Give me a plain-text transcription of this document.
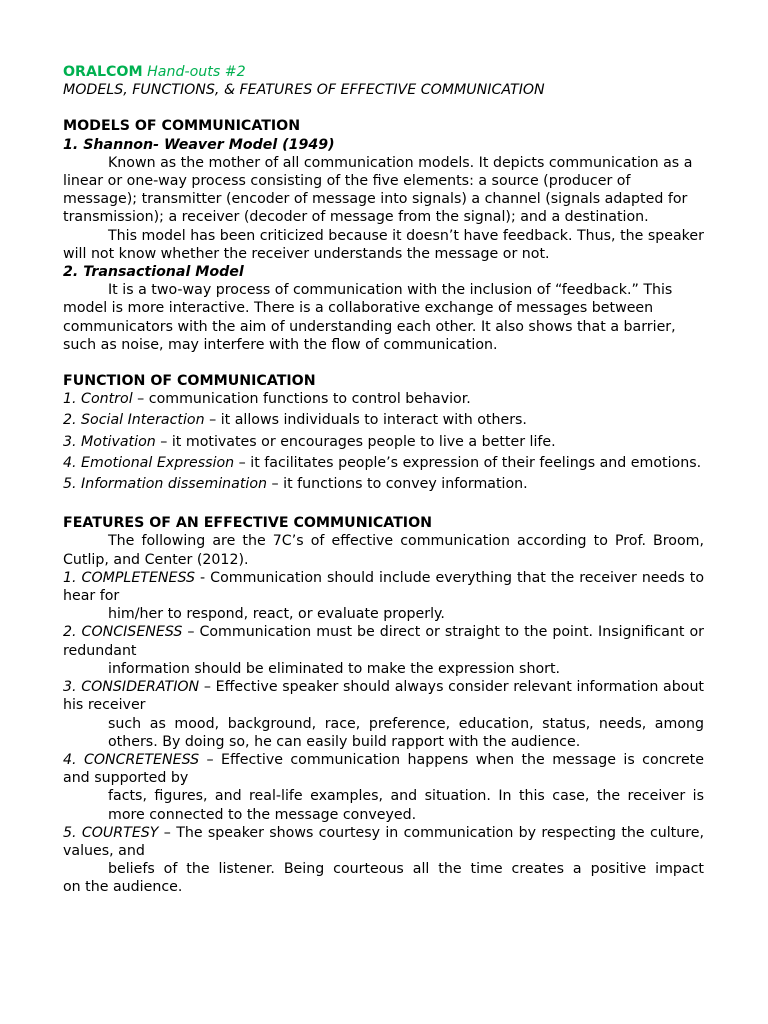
ORALCOM Hand-outs #2
MODELS, FUNCTIONS, & FEATURES OF EFFECTIVE COMMUNICATION
MODELS OF COMMUNICATION
1. Shannon- Weaver Model (1949)

Known as the mother of all communication models. It depicts communication as a linear or one-way process consisting of the five elements: a source (producer of message); transmitter (encoder of message into signals) a channel (signals adapted for transmission); a receiver (decoder of message from the signal); and a destination.

This model has been criticized because it doesn’t have feedback. Thus, the speaker will not know whether the receiver understands the message or not.

2. Transactional Model

It is a two-way process of communication with the inclusion of “feedback.” This model is more interactive. There is a collaborative exchange of messages between communicators with the aim of understanding each other. It also shows that a barrier, such as noise, may interfere with the flow of communication.

FUNCTION OF COMMUNICATION
1. Control – communication functions to control behavior.
2. Social Interaction – it allows individuals to interact with others.
3. Motivation – it motivates or encourages people to live a better life.
4. Emotional Expression – it facilitates people’s expression of their feelings and emotions.
5. Information dissemination – it functions to convey information.
FEATURES OF AN EFFECTIVE COMMUNICATION

The following are the 7C’s of effective communication according to Prof. Broom, Cutlip, and Center (2012).

1. COMPLETENESS - Communication should include everything that the receiver needs to hear for
him/her to respond, react, or evaluate properly.
2. CONCISENESS – Communication must be direct or straight to the point. Insignificant or redundant
information should be eliminated to make the expression short.
3. CONSIDERATION – Effective speaker should always consider relevant information about his receiver
such as mood, background, race, preference, education, status, needs, among others. By doing so, he can easily build rapport with the audience.
4. CONCRETENESS – Effective communication happens when the message is concrete and supported by
facts, figures, and real-life examples, and situation. In this case, the receiver is more connected to the message conveyed.
5. COURTESY – The speaker shows courtesy in communication by respecting the culture, values, and
beliefs of the listener. Being courteous all the time creates a positive impact
on the audience.
